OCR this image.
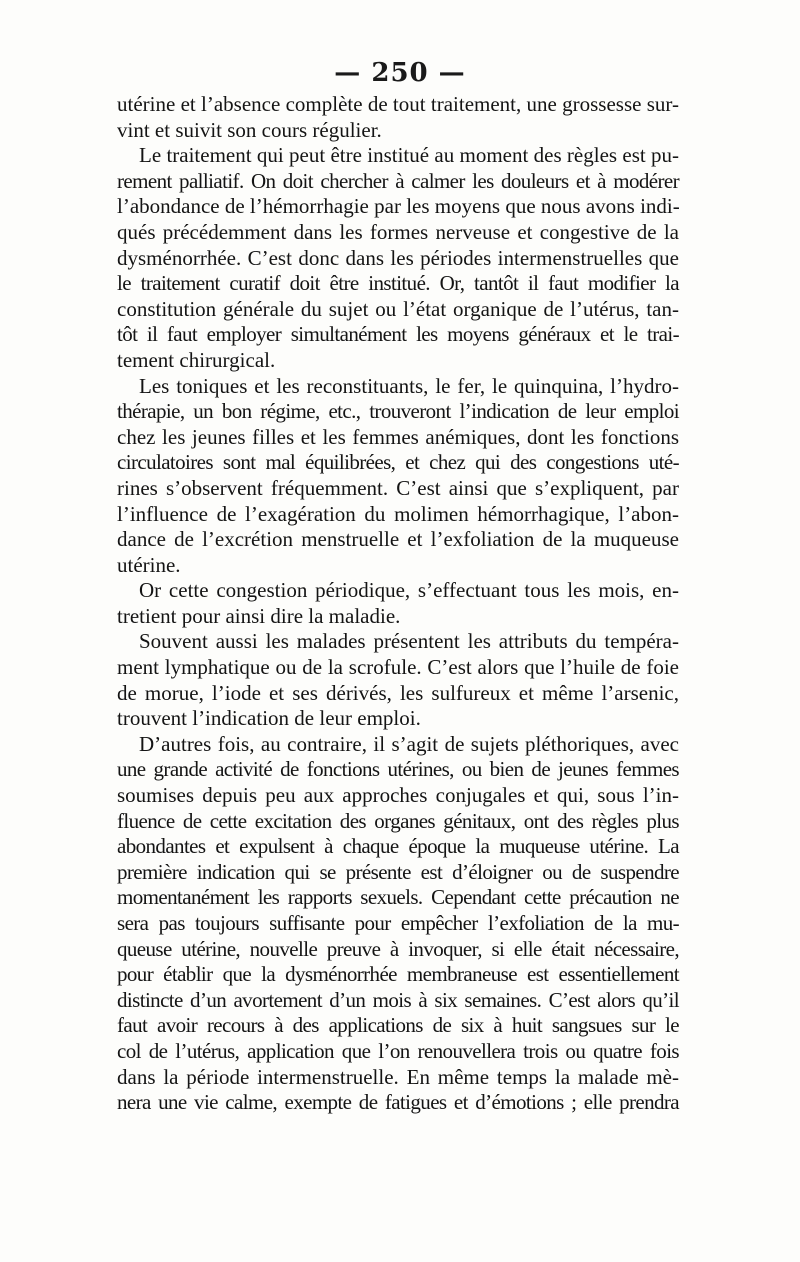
— 250 —
utérine et l’absence complète de tout traitement, une grossesse sur-
vint et suivit son cours régulier.
Le traitement qui peut être institué au moment des règles est pu-
rement palliatif. On doit chercher à calmer les douleurs et à modérer
l’abondance de l’hémorrhagie par les moyens que nous avons indi-
qués précédemment dans les formes nerveuse et congestive de la
dysménorrhée. C’est donc dans les périodes intermenstruelles que
le traitement curatif doit être institué. Or, tantôt il faut modifier la
constitution générale du sujet ou l’état organique de l’utérus, tan-
tôt il faut employer simultanément les moyens généraux et le trai-
tement chirurgical.
Les toniques et les reconstituants, le fer, le quinquina, l’hydro-
thérapie, un bon régime, etc., trouveront l’indication de leur emploi
chez les jeunes filles et les femmes anémiques, dont les fonctions
circulatoires sont mal équilibrées, et chez qui des congestions uté-
rines s’observent fréquemment. C’est ainsi que s’expliquent, par
l’influence de l’exagération du molimen hémorrhagique, l’abon-
dance de l’excrétion menstruelle et l’exfoliation de la muqueuse
utérine.
Or cette congestion périodique, s’effectuant tous les mois, en-
tretient pour ainsi dire la maladie.
Souvent aussi les malades présentent les attributs du tempéra-
ment lymphatique ou de la scrofule. C’est alors que l’huile de foie
de morue, l’iode et ses dérivés, les sulfureux et même l’arsenic,
trouvent l’indication de leur emploi.
D’autres fois, au contraire, il s’agit de sujets pléthoriques, avec
une grande activité de fonctions utérines, ou bien de jeunes femmes
soumises depuis peu aux approches conjugales et qui, sous l’in-
fluence de cette excitation des organes génitaux, ont des règles plus
abondantes et expulsent à chaque époque la muqueuse utérine. La
première indication qui se présente est d’éloigner ou de suspendre
momentanément les rapports sexuels. Cependant cette précaution ne
sera pas toujours suffisante pour empêcher l’exfoliation de la mu-
queuse utérine, nouvelle preuve à invoquer, si elle était nécessaire,
pour établir que la dysménorrhée membraneuse est essentiellement
distincte d’un avortement d’un mois à six semaines. C’est alors qu’il
faut avoir recours à des applications de six à huit sangsues sur le
col de l’utérus, application que l’on renouvellera trois ou quatre fois
dans la période intermenstruelle. En même temps la malade mè-
nera une vie calme, exempte de fatigues et d’émotions ; elle prendra
